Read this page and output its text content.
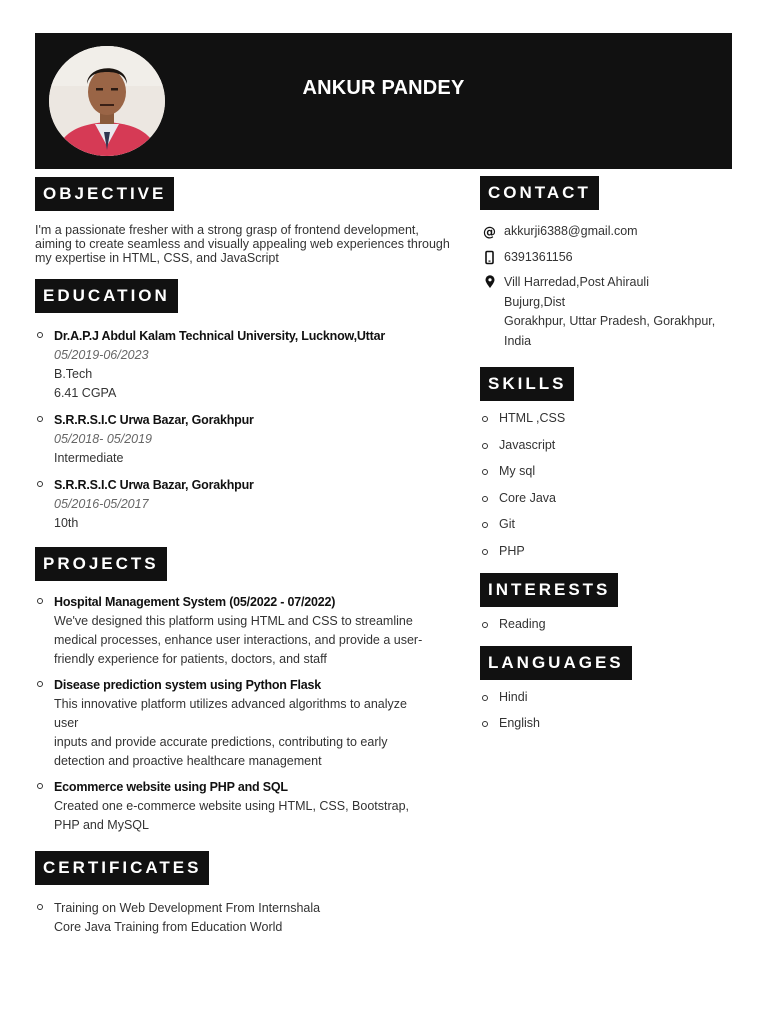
ANKUR PANDEY
OBJECTIVE

I'm a passionate fresher with a strong grasp of frontend development, aiming to create seamless and visually appealing web experiences through my expertise in HTML, CSS, and JavaScript

EDUCATION
Dr.A.P.J Abdul Kalam Technical University, Lucknow,Uttar
05/2019-06/2023
B.Tech
6.41 CGPA
S.R.R.S.I.C Urwa Bazar, Gorakhpur
05/2018- 05/2019
Intermediate
S.R.R.S.I.C Urwa Bazar, Gorakhpur
05/2016-05/2017
10th
PROJECTS
Hospital Management System (05/2022 - 07/2022)
We've designed this platform using HTML and CSS to streamline
medical processes, enhance user interactions, and provide a user-
friendly experience for patients, doctors, and staff
Disease prediction system using Python Flask
This innovative platform utilizes advanced algorithms to analyze
user
inputs and provide accurate predictions, contributing to early
detection and proactive healthcare management
Ecommerce website using PHP and SQL
Created one e-commerce website using HTML, CSS, Bootstrap,
PHP and MySQL
CERTIFICATES
Training on Web Development From Internshala
Core Java Training from Education World
CONTACT
@ akkurji6388@gmail.com
6391361156
Vill Harredad,Post Ahirauli
Bujurg,Dist
Gorakhpur, Uttar Pradesh, Gorakhpur,
India
SKILLS
HTML ,CSS
Javascript
My sql
Core Java
Git
PHP
INTERESTS
Reading
LANGUAGES
Hindi
English
